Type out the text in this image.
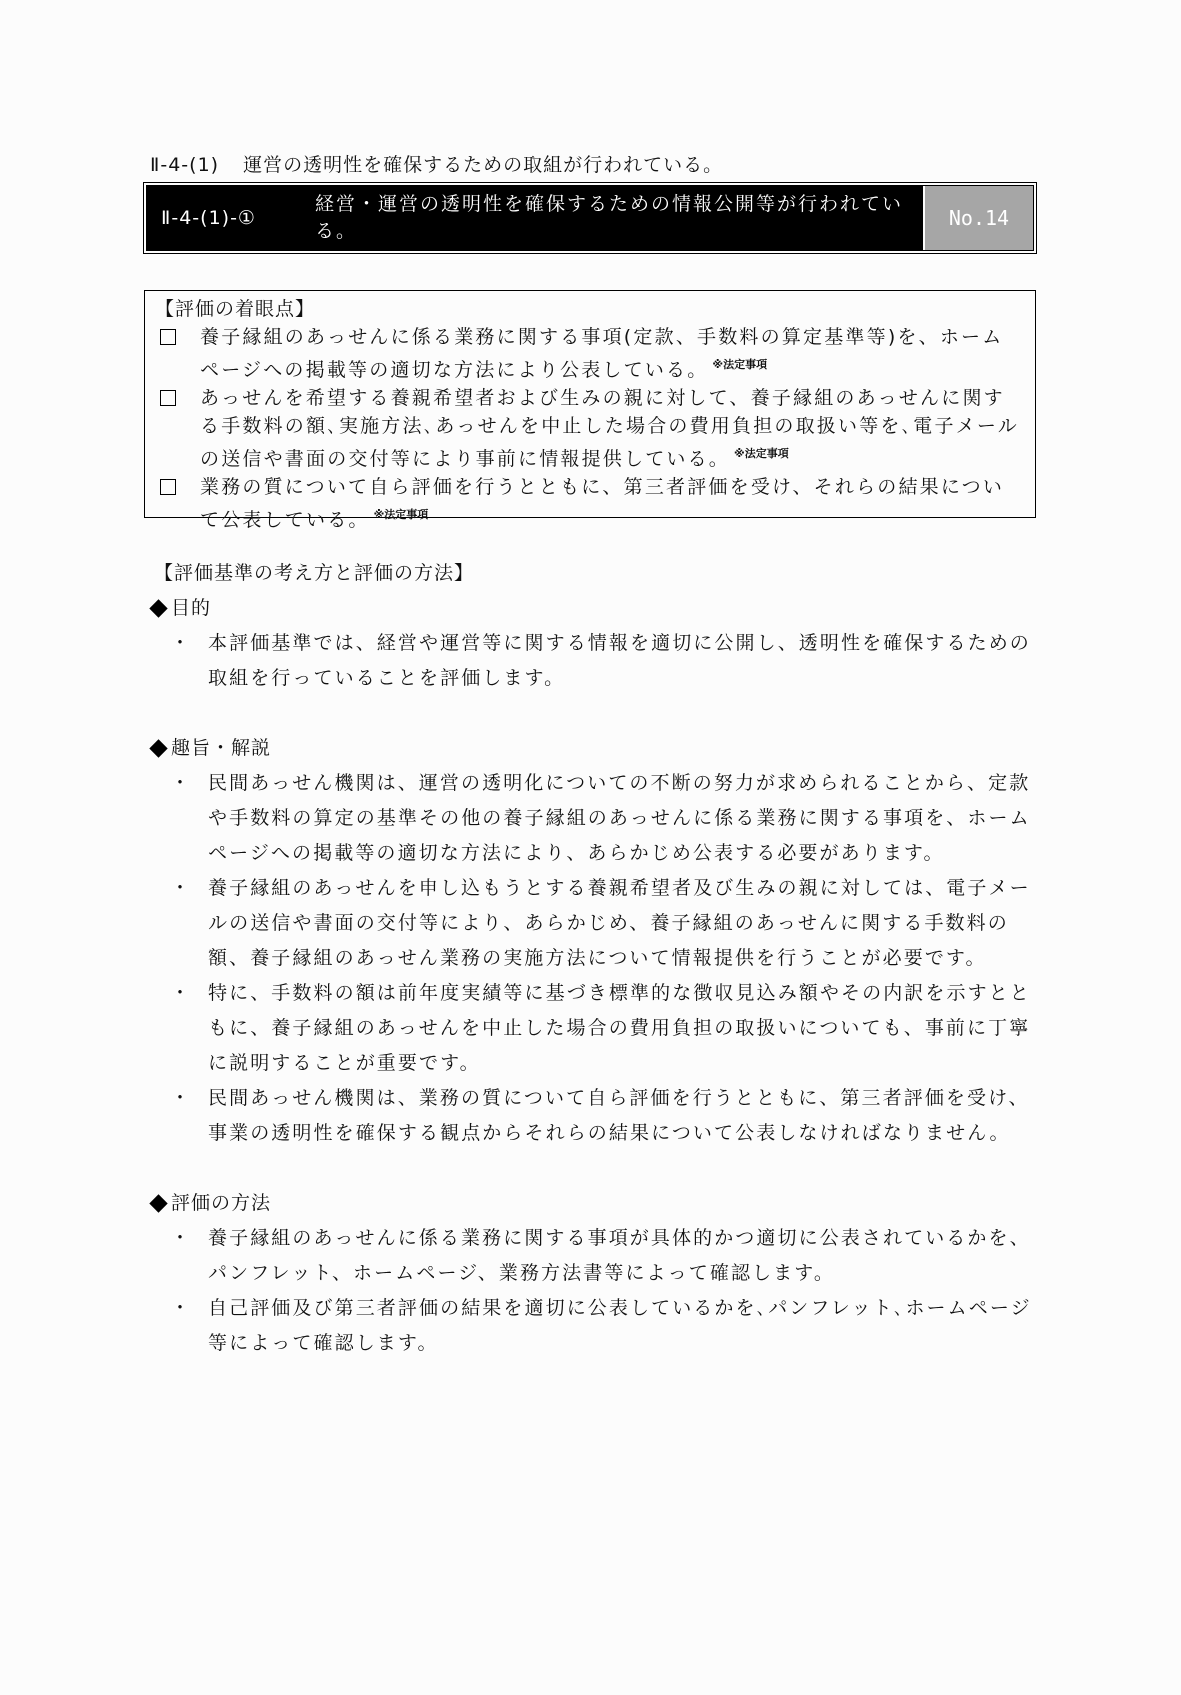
Ⅱ-4-(1) 運営の透明性を確保するための取組が行われている。
Ⅱ-4-(1)-①
経営・運営の透明性を確保するための情報公開等が行われている。
No.14
【評価の着眼点】
養子縁組のあっせんに係る業務に関する事項(定款、手数料の算定基準等)を、ホームページへの掲載等の適切な方法により公表している。 $^{※法定事項}$
あっせんを希望する養親希望者および生みの親に対して、養子縁組のあっせんに関する手数料の額､実施方法､あっせんを中止した場合の費用負担の取扱い等を､電子メールの送信や書面の交付等により事前に情報提供している。 $^{※法定事項}$
業務の質について自ら評価を行うとともに、第三者評価を受け、それらの結果について公表している。 $^{※法定事項}$
【評価基準の考え方と評価の方法】
目的
・ 本評価基準では、経営や運営等に関する情報を適切に公開し、透明性を確保するための取組を行っていることを評価します。
趣旨・解説
・ 民間あっせん機関は、運営の透明化についての不断の努力が求められることから、定款や手数料の算定の基準その他の養子縁組のあっせんに係る業務に関する事項を、ホームページへの掲載等の適切な方法により、あらかじめ公表する必要があります。
・ 養子縁組のあっせんを申し込もうとする養親希望者及び生みの親に対しては、電子メールの送信や書面の交付等により、あらかじめ、養子縁組のあっせんに関する手数料の額、養子縁組のあっせん業務の実施方法について情報提供を行うことが必要です。
・ 特に、手数料の額は前年度実績等に基づき標準的な徴収見込み額やその内訳を示すとともに、養子縁組のあっせんを中止した場合の費用負担の取扱いについても、事前に丁寧に説明することが重要です。
・ 民間あっせん機関は、業務の質について自ら評価を行うとともに、第三者評価を受け、事業の透明性を確保する観点からそれらの結果について公表しなければなりません。
評価の方法
・ 養子縁組のあっせんに係る業務に関する事項が具体的かつ適切に公表されているかを、パンフレット、ホームページ、業務方法書等によって確認します。
・ 自己評価及び第三者評価の結果を適切に公表しているかを､パンフレット､ホームページ等によって確認します。
